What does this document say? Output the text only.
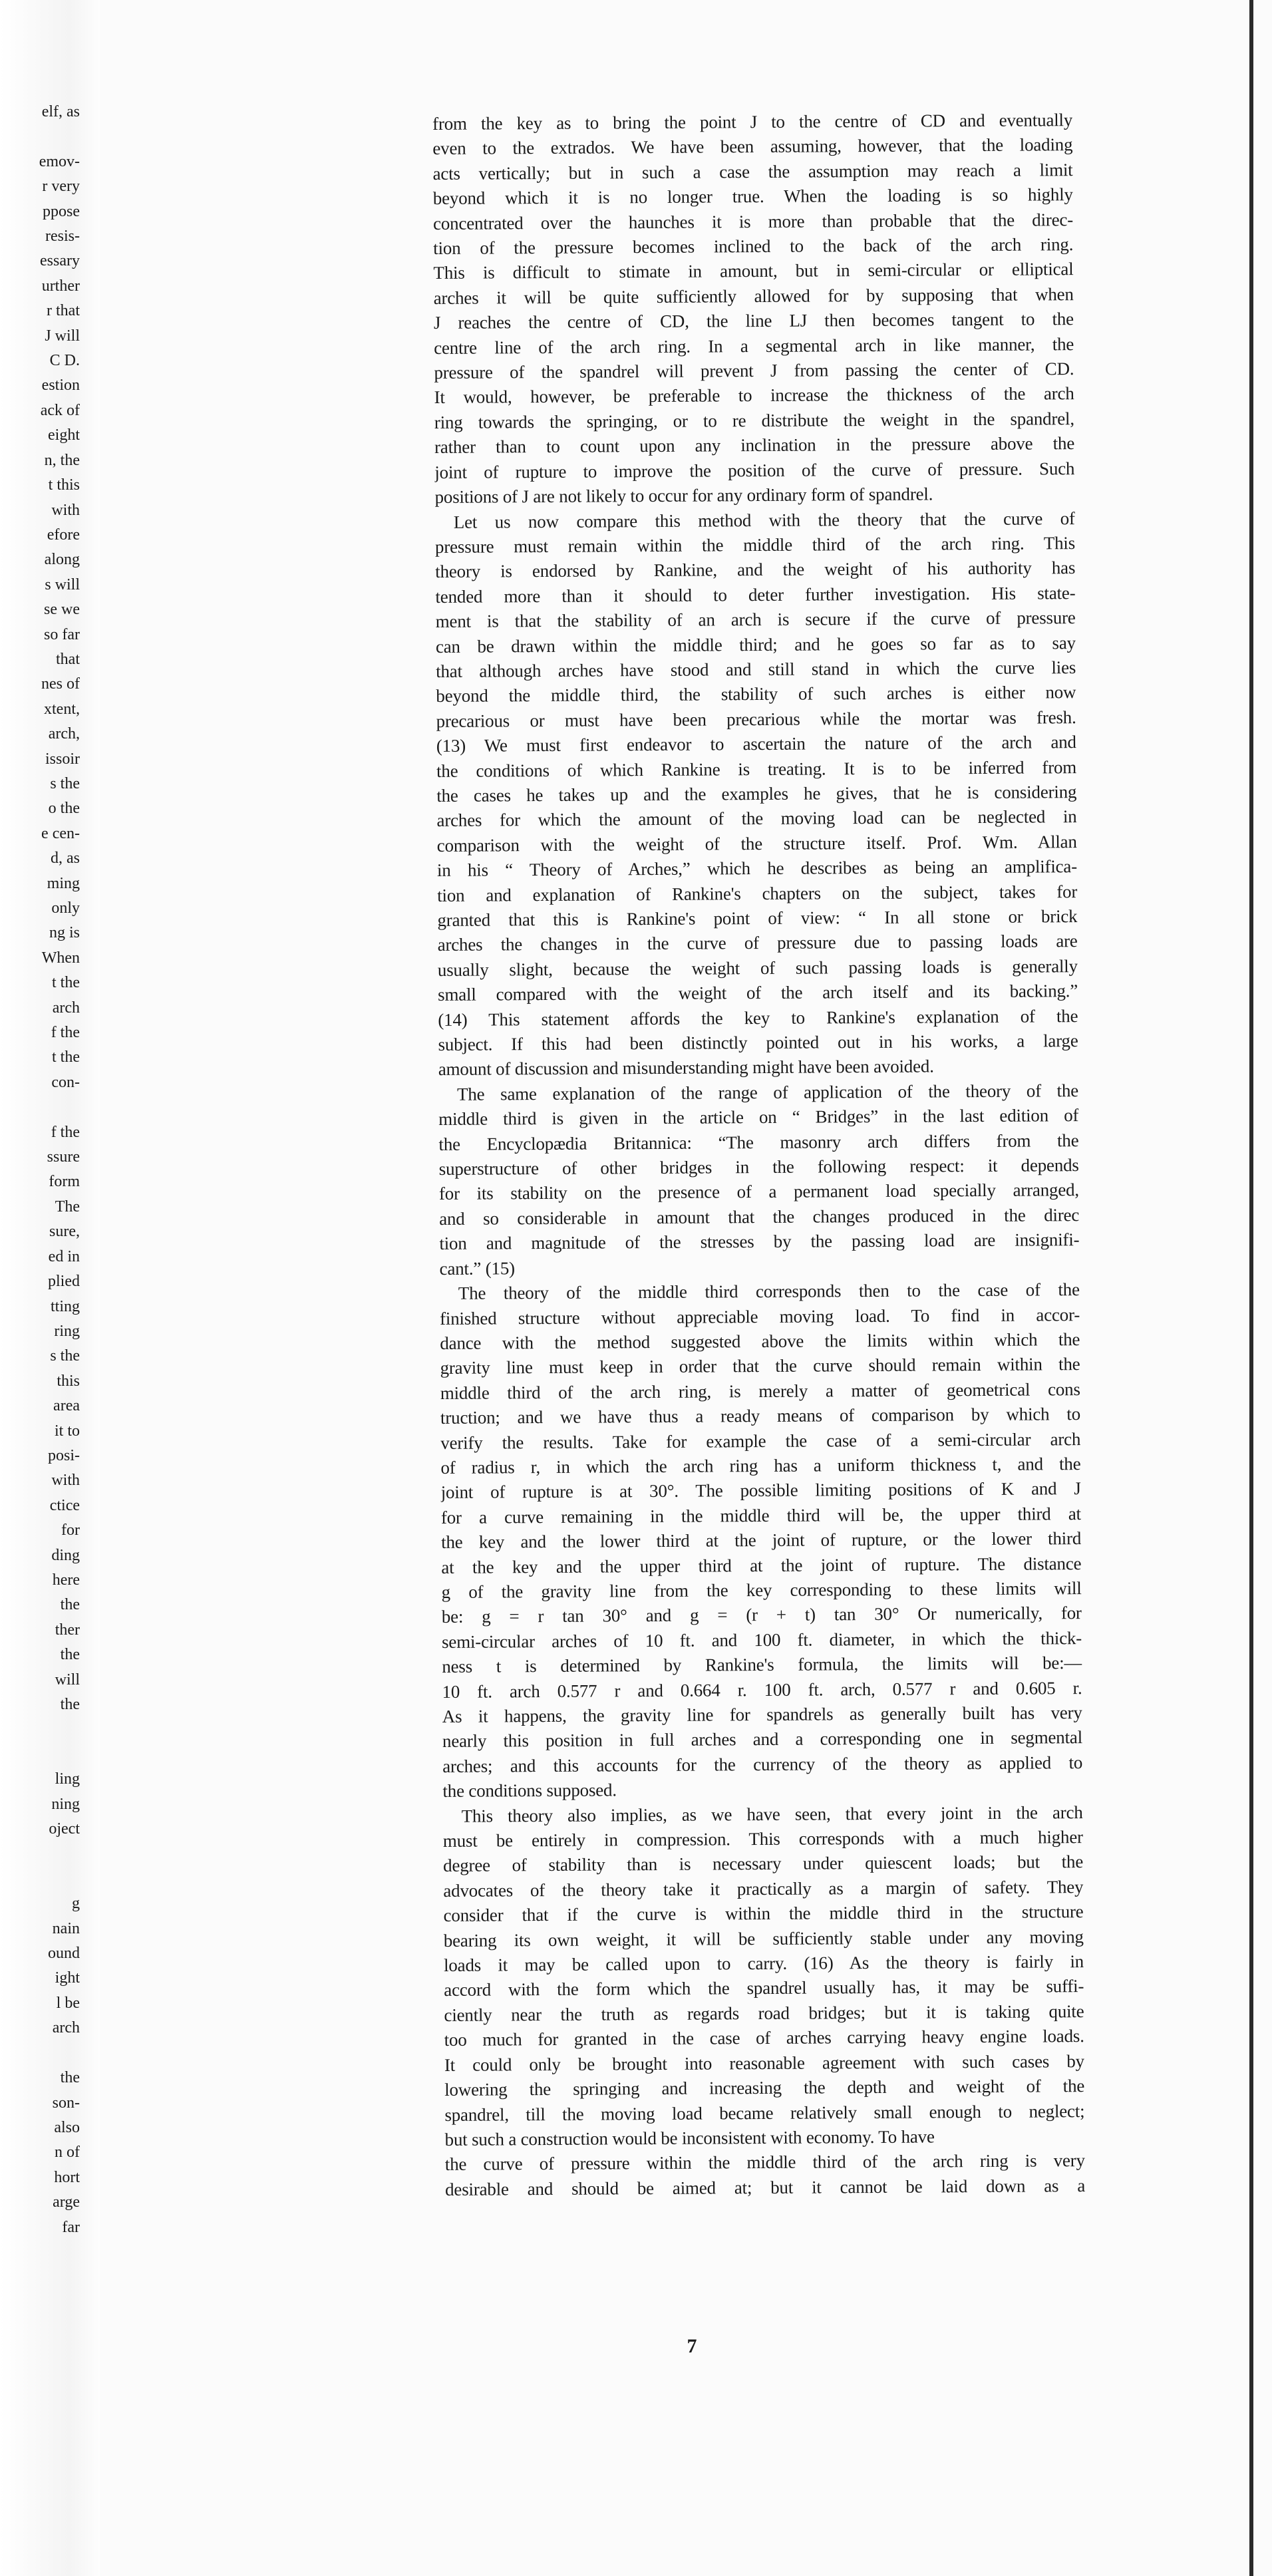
elf, as

emov-
r very
ppose
resis-
essary
urther
r that
J will
C D.
estion
ack of
eight
n, the
t this
with
efore
along
s will
se we
so far
that
nes of
xtent,
arch,
issoir
s the
o the
e cen-
d, as
ming
only
ng is
When
t the
arch
f the
t the
con-

f the
ssure
form
The
sure,
ed in
plied
tting
ring
s the
this
area
it to
posi-
with
ctice
for
ding
here
the
ther
the
will
the

ling
ning
oject

g
nain
ound
ight
l be
arch

the
son-
also
n of
hort
arge
far
from the key as to bring the point J to the centre of CD and eventually
even to the extrados. We have been assuming, however, that the loading
acts vertically; but in such a case the assumption may reach a limit
beyond which it is no longer true. When the loading is so highly
concentrated over the haunches it is more than probable that the direc-
tion of the pressure becomes inclined to the back of the arch ring.
This is difficult to stimate in amount, but in semi-circular or elliptical
arches it will be quite sufficiently allowed for by supposing that when
J reaches the centre of CD, the line LJ then becomes tangent to the
centre line of the arch ring. In a segmental arch in like manner, the
pressure of the spandrel will prevent J from passing the center of CD.
It would, however, be preferable to increase the thickness of the arch
ring towards the springing, or to re distribute the weight in the spandrel,
rather than to count upon any inclination in the pressure above the
joint of rupture to improve the position of the curve of pressure. Such
positions of J are not likely to occur for any ordinary form of spandrel.
Let us now compare this method with the theory that the curve of
pressure must remain within the middle third of the arch ring. This
theory is endorsed by Rankine, and the weight of his authority has
tended more than it should to deter further investigation. His state-
ment is that the stability of an arch is secure if the curve of pressure
can be drawn within the middle third; and he goes so far as to say
that although arches have stood and still stand in which the curve lies
beyond the middle third, the stability of such arches is either now
precarious or must have been precarious while the mortar was fresh.
(13) We must first endeavor to ascertain the nature of the arch and
the conditions of which Rankine is treating. It is to be inferred from
the cases he takes up and the examples he gives, that he is considering
arches for which the amount of the moving load can be neglected in
comparison with the weight of the structure itself. Prof. Wm. Allan
in his “ Theory of Arches,” which he describes as being an amplifica-
tion and explanation of Rankine's chapters on the subject, takes for
granted that this is Rankine's point of view: “ In all stone or brick
arches the changes in the curve of pressure due to passing loads are
usually slight, because the weight of such passing loads is generally
small compared with the weight of the arch itself and its backing.”
(14) This statement affords the key to Rankine's explanation of the
subject. If this had been distinctly pointed out in his works, a large
amount of discussion and misunderstanding might have been avoided.
The same explanation of the range of application of the theory of the
middle third is given in the article on “ Bridges” in the last edition of
the Encyclopædia Britannica: “The masonry arch differs from the
superstructure of other bridges in the following respect: it depends
for its stability on the presence of a permanent load specially arranged,
and so considerable in amount that the changes produced in the direc
tion and magnitude of the stresses by the passing load are insignifi-
cant.” (15)
The theory of the middle third corresponds then to the case of the
finished structure without appreciable moving load. To find in accor-
dance with the method suggested above the limits within which the
gravity line must keep in order that the curve should remain within the
middle third of the arch ring, is merely a matter of geometrical cons
truction; and we have thus a ready means of comparison by which to
verify the results. Take for example the case of a semi-circular arch
of radius r, in which the arch ring has a uniform thickness t, and the
joint of rupture is at 30°. The possible limiting positions of K and J
for a curve remaining in the middle third will be, the upper third at
the key and the lower third at the joint of rupture, or the lower third
at the key and the upper third at the joint of rupture. The distance
g of the gravity line from the key corresponding to these limits will
be: g = r tan 30° and g = (r + t) tan 30° Or numerically, for
semi-circular arches of 10 ft. and 100 ft. diameter, in which the thick-
ness t is determined by Rankine's formula, the limits will be:—
10 ft. arch 0.577 r and 0.664 r. 100 ft. arch, 0.577 r and 0.605 r.
As it happens, the gravity line for spandrels as generally built has very
nearly this position in full arches and a corresponding one in segmental
arches; and this accounts for the currency of the theory as applied to
the conditions supposed.
This theory also implies, as we have seen, that every joint in the arch
must be entirely in compression. This corresponds with a much higher
degree of stability than is necessary under quiescent loads; but the
advocates of the theory take it practically as a margin of safety. They
consider that if the curve is within the middle third in the structure
bearing its own weight, it will be sufficiently stable under any moving
loads it may be called upon to carry. (16) As the theory is fairly in
accord with the form which the spandrel usually has, it may be suffi-
ciently near the truth as regards road bridges; but it is taking quite
too much for granted in the case of arches carrying heavy engine loads.
It could only be brought into reasonable agreement with such cases by
lowering the springing and increasing the depth and weight of the
spandrel, till the moving load became relatively small enough to neglect;
but such a construction would be inconsistent with economy. To have
the curve of pressure within the middle third of the arch ring is very
desirable and should be aimed at; but it cannot be laid down as a
7
